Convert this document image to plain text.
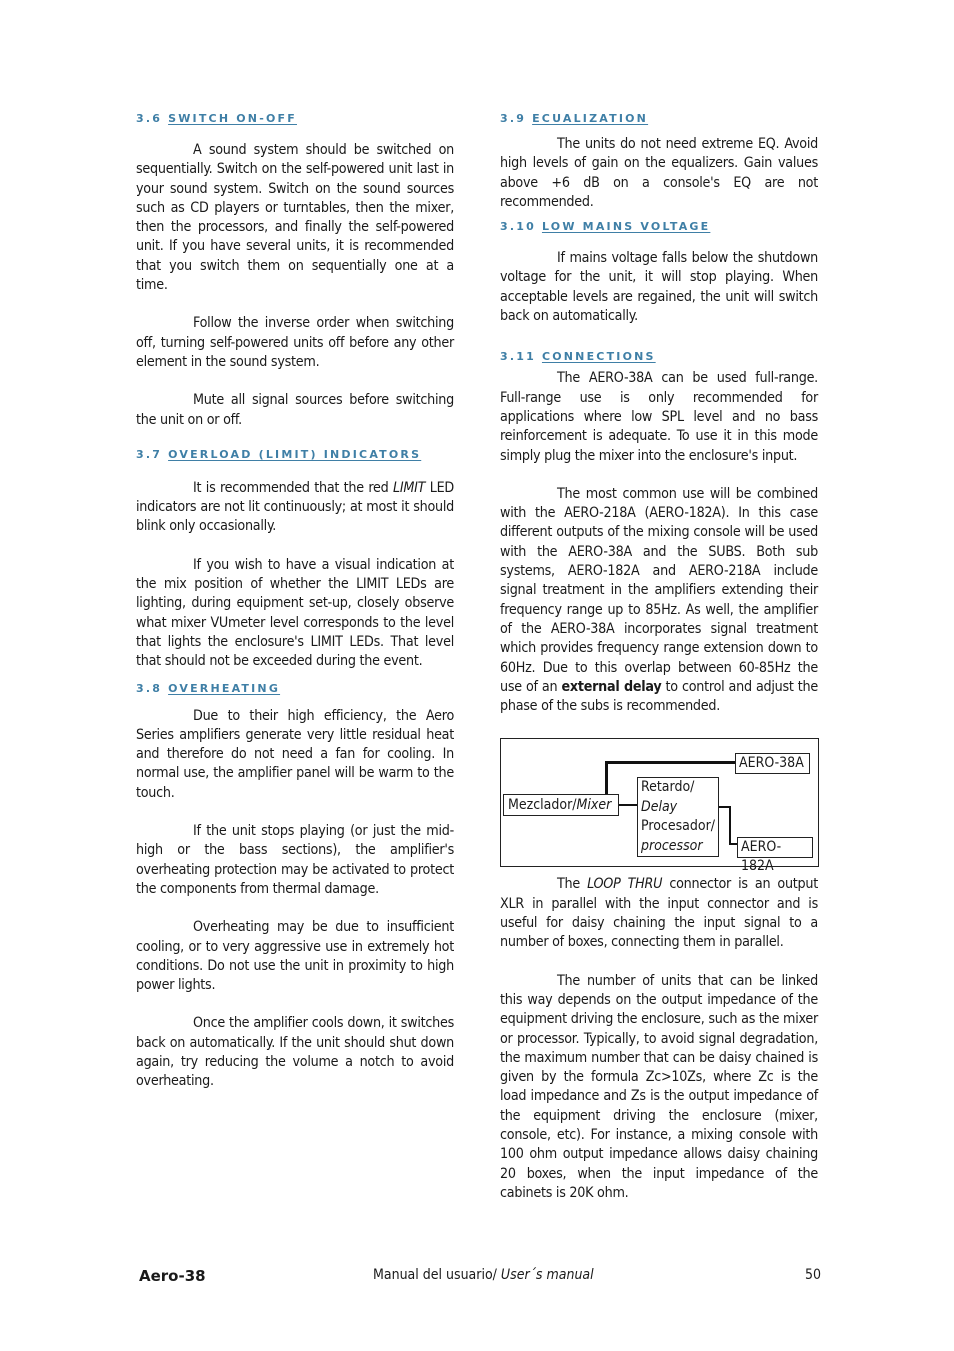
3.6 SWITCH ON-OFF

A sound system should be switched on sequentially. Switch on the self-powered unit last in your sound system. Switch on the sound sources such as CD players or turntables, then the mixer, then the processors, and finally the self-powered unit. If you have several units, it is recommended that you switch them on sequentially one at a time.

Follow the inverse order when switching off, turning self-powered units off before any other element in the sound system.

Mute all signal sources before switching the unit on or off.

3.7 OVERLOAD (LIMIT) INDICATORS

It is recommended that the red LIMIT LED indicators are not lit continuously; at most it should blink only occasionally.

If you wish to have a visual indication at the mix position of whether the LIMIT LEDs are lighting, during equipment set-up, closely observe what mixer VUmeter level corresponds to the level that lights the enclosure's LIMIT LEDs. That level that should not be exceeded during the event.

3.8 OVERHEATING

Due to their high efficiency, the Aero Series amplifiers generate very little residual heat and therefore do not need a fan for cooling. In normal use, the amplifier panel will be warm to the touch.

If the unit stops playing (or just the mid-high or the bass sections), the amplifier's overheating protection may be activated to protect the components from thermal damage.

Overheating may be due to insufficient cooling, or to very aggressive use in extremely hot conditions. Do not use the unit in proximity to high power lights.

Once the amplifier cools down, it switches back on automatically. If the unit should shut down again, try reducing the volume a notch to avoid overheating.

3.9 ECUALIZATION

The units do not need extreme EQ. Avoid high levels of gain on the equalizers. Gain values above +6 dB on a console's EQ are not recommended.

3.10 LOW MAINS VOLTAGE

If mains voltage falls below the shutdown voltage for the unit, it will stop playing. When acceptable levels are regained, the unit will switch back on automatically.

3.11 CONNECTIONS

The AERO-38A can be used full-range. Full-range use is only recommended for applications where low SPL level and no bass reinforcement is adequate. To use it in this mode simply plug the mixer into the enclosure's input.

The most common use will be combined with the AERO-218A (AERO-182A). In this case different outputs of the mixing console will be used with the AERO-38A and the SUBS. Both sub systems, AERO-182A and AERO-218A include signal treatment in the amplifiers extending their frequency range up to 85Hz. As well, the amplifier of the AERO-38A incorporates signal treatment which provides frequency range extension down to 60Hz. Due to this overlap between 60-85Hz the use of an external delay to control and adjust the phase of the subs is recommended.

Mezclador/Mixer
Retardo/
Delay
Procesador/
processor
AERO-38A
AERO-182A

The LOOP THRU connector is an output XLR in parallel with the input connector and is useful for daisy chaining the input signal to a number of boxes, connecting them in parallel.

The number of units that can be linked this way depends on the output impedance of the equipment driving the enclosure, such as the mixer or processor. Typically, to avoid signal degradation, the maximum number that can be daisy chained is given by the formula Zc>10Zs, where Zc is the load impedance and Zs is the output impedance of the equipment driving the enclosure (mixer, console, etc). For instance, a mixing console with 100 ohm output impedance allows daisy chaining 20 boxes, when the input impedance of the cabinets is 20K ohm.

Aero-38	Manual del usuario/ User´s manual	50
